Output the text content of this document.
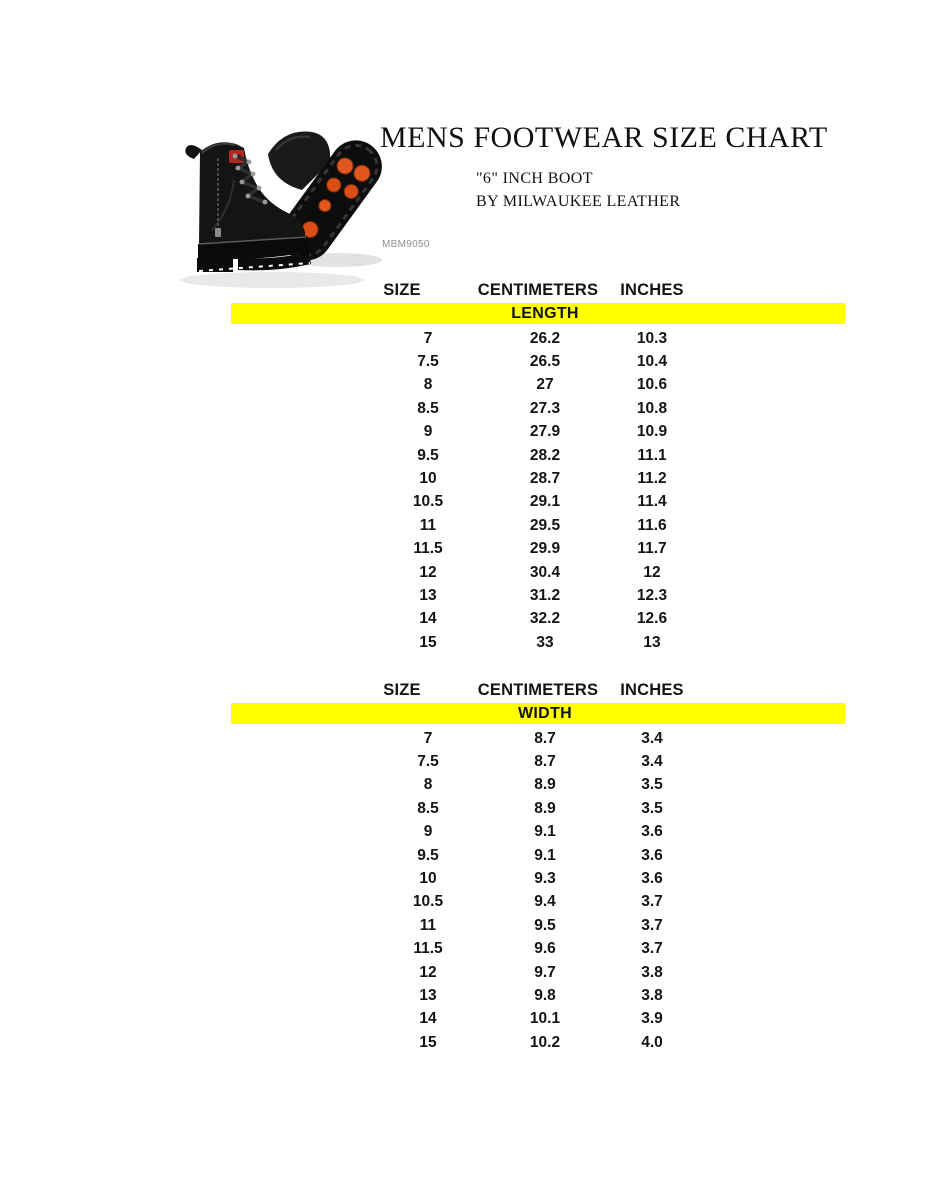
MENS FOOTWEAR SIZE CHART
"6" INCH BOOT
BY MILWAUKEE LEATHER
MBM9050
SIZE	CENTIMETERS	INCHES
LENGTH
7	26.2	10.3
7.5	26.5	10.4
8	27	10.6
8.5	27.3	10.8
9	27.9	10.9
9.5	28.2	11.1
10	28.7	11.2
10.5	29.1	11.4
11	29.5	11.6
11.5	29.9	11.7
12	30.4	12
13	31.2	12.3
14	32.2	12.6
15	33	13
SIZE	CENTIMETERS	INCHES
WIDTH
7	8.7	3.4
7.5	8.7	3.4
8	8.9	3.5
8.5	8.9	3.5
9	9.1	3.6
9.5	9.1	3.6
10	9.3	3.6
10.5	9.4	3.7
11	9.5	3.7
11.5	9.6	3.7
12	9.7	3.8
13	9.8	3.8
14	10.1	3.9
15	10.2	4.0
